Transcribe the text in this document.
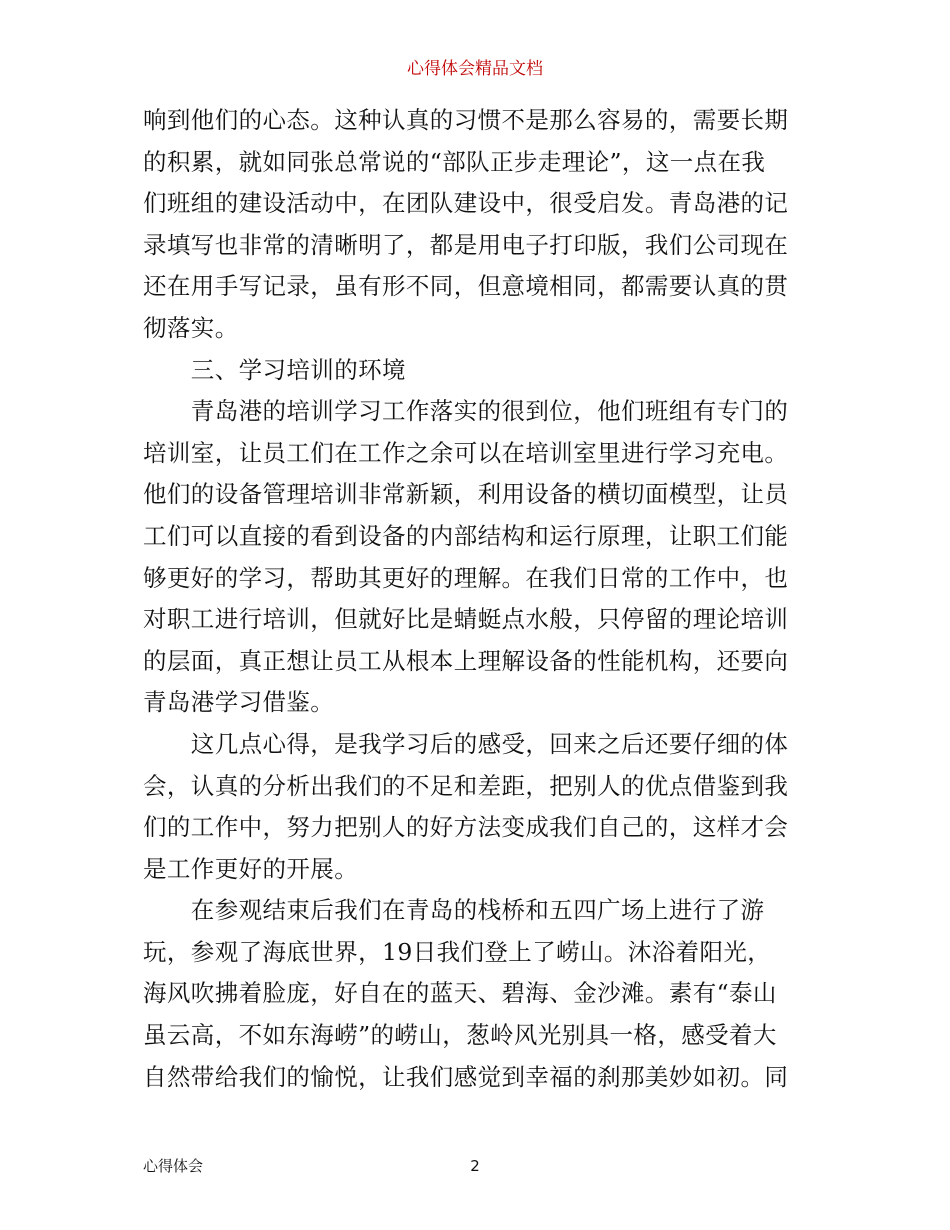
心得体会精品文档

响到他们的心态。这种认真的习惯不是那么容易的，需要长期

的积累，就如同张总常说的“部队正步走理论”，这一点在我

们班组的建设活动中，在团队建设中，很受启发。青岛港的记

录填写也非常的清晰明了，都是用电子打印版，我们公司现在

还在用手写记录，虽有形不同，但意境相同，都需要认真的贯

彻落实。

　　三、学习培训的环境

　　青岛港的培训学习工作落实的很到位，他们班组有专门的

培训室，让员工们在工作之余可以在培训室里进行学习充电。

他们的设备管理培训非常新颖，利用设备的横切面模型，让员

工们可以直接的看到设备的内部结构和运行原理，让职工们能

够更好的学习，帮助其更好的理解。在我们日常的工作中，也

对职工进行培训，但就好比是蜻蜓点水般，只停留的理论培训

的层面，真正想让员工从根本上理解设备的性能机构，还要向

青岛港学习借鉴。

　　这几点心得，是我学习后的感受，回来之后还要仔细的体

会，认真的分析出我们的不足和差距，把别人的优点借鉴到我

们的工作中，努力把别人的好方法变成我们自己的，这样才会

是工作更好的开展。

　　在参观结束后我们在青岛的栈桥和五四广场上进行了游

玩，参观了海底世界，19日我们登上了崂山。沐浴着阳光，

海风吹拂着脸庞，好自在的蓝天、碧海、金沙滩。素有“泰山

虽云高，不如东海崂”的崂山，葱岭风光别具一格，感受着大

自然带给我们的愉悦，让我们感觉到幸福的刹那美妙如初。同

心得体会	2
